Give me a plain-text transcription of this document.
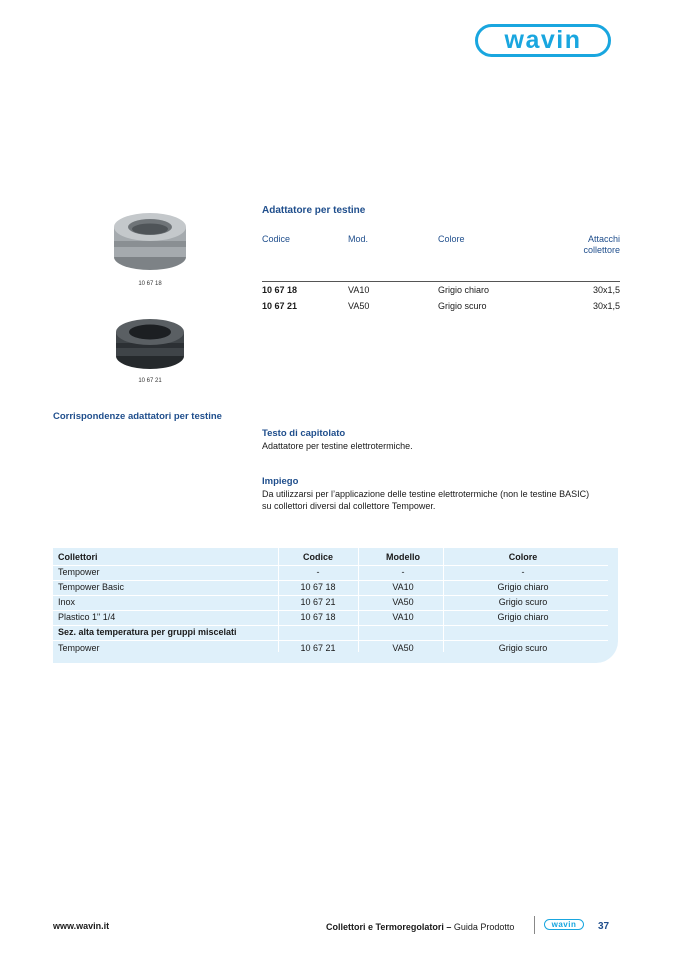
wavin
10 67 18
10 67 21
Adattatore per testine
Codice	Mod.	Colore	Attacchi
collettore
10 67 18	VA10	Grigio chiaro	30x1,5
10 67 21	VA50	Grigio scuro	30x1,5
Corrispondenze adattatori per testine
Testo di capitolato
Adattatore per testine elettrotermiche.
Impiego
Da utilizzarsi per l’applicazione delle testine elettrotermiche (non le testine BASIC)
su collettori diversi dal collettore Tempower.
Collettori	Codice	Modello	Colore
Tempower	-	-	-
Tempower Basic	10 67 18	VA10	Grigio chiaro
Inox	10 67 21	VA50	Grigio scuro
Plastico 1" 1/4	10 67 18	VA10	Grigio chiaro
Sez. alta temperatura per gruppi miscelati
Tempower	10 67 21	VA50	Grigio scuro
www.wavin.it	Collettori e Termoregolatori – Guida Prodotto	wavin	37
